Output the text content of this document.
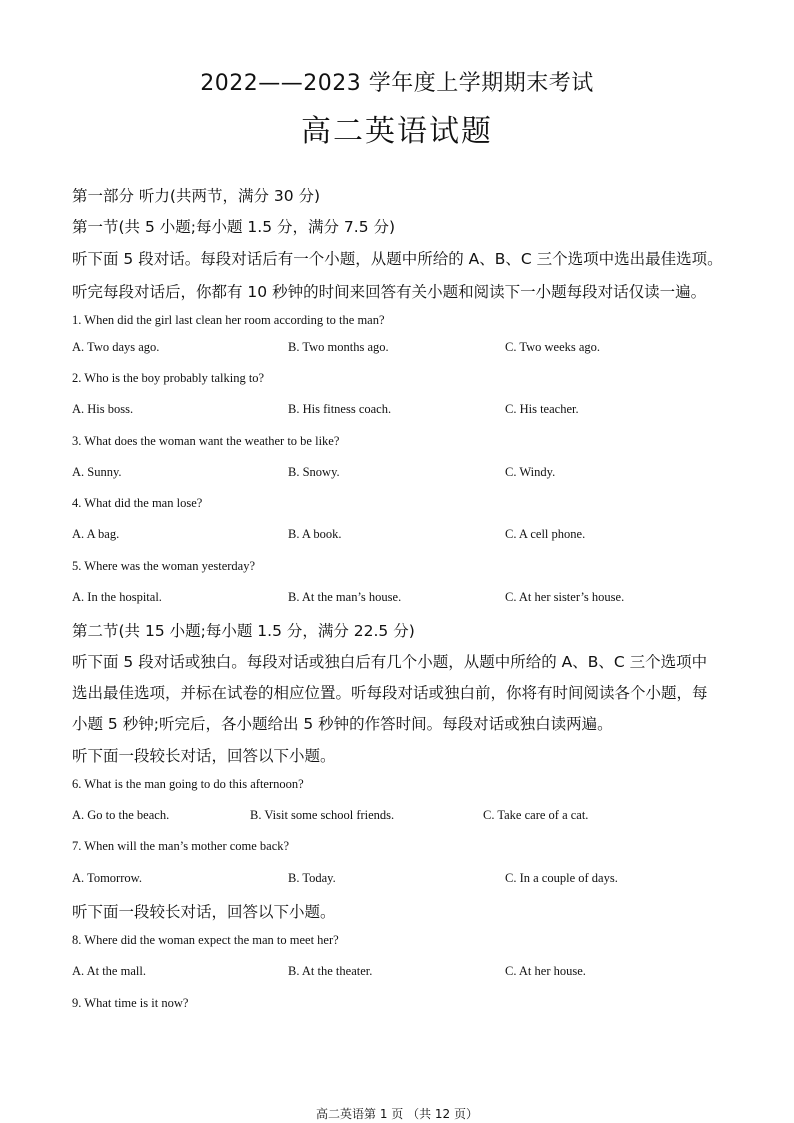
2022——2023 学年度上学期期末考试
高二英语试题
第一部分 听力(共两节，满分 30 分)
第一节(共 5 小题;每小题 1.5 分，满分 7.5 分)
听下面 5 段对话。每段对话后有一个小题，从题中所给的 A、B、C 三个选项中选出最佳选项。
听完每段对话后，你都有 10 秒钟的时间来回答有关小题和阅读下一小题每段对话仅读一遍。
1. When did the girl last clean her room according to the man?
A. Two days ago.	B. Two months ago.	C. Two weeks ago.
2. Who is the boy probably talking to?
A. His boss.	B. His fitness coach.	C. His teacher.
3. What does the woman want the weather to be like?
A. Sunny.	B. Snowy.	C. Windy.
4. What did the man lose?
A. A bag.	B. A book.	C. A cell phone.
5. Where was the woman yesterday?
A. In the hospital.	B. At the man’s house.	C. At her sister’s house.
第二节(共 15 小题;每小题 1.5 分，满分 22.5 分)
听下面 5 段对话或独白。每段对话或独白后有几个小题，从题中所给的 A、B、C 三个选项中
选出最佳选项，并标在试卷的相应位置。听每段对话或独白前，你将有时间阅读各个小题，每
小题 5 秒钟;听完后，各小题给出 5 秒钟的作答时间。每段对话或独白读两遍。
听下面一段较长对话，回答以下小题。
6. What is the man going to do this afternoon?
A. Go to the beach.	B. Visit some school friends.	C. Take care of a cat.
7. When will the man’s mother come back?
A. Tomorrow.	B. Today.	C. In a couple of days.
听下面一段较长对话，回答以下小题。
8. Where did the woman expect the man to meet her?
A. At the mall.	B. At the theater.	C. At her house.
9. What time is it now?
高二英语第 1 页 （共 12 页）
